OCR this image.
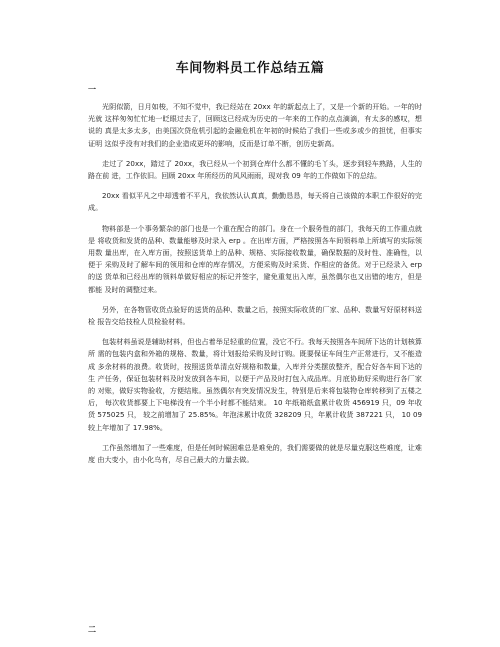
车间物料员工作总结五篇
一

光阴似箭，日月如梭，不知不觉中，我已经站在 20xx 年的新起点上了，又是一个新的开始。一年的时光就 这样匆匆忙忙地一眨眼过去了，回顾这已经成为历史的一年来的工作的点点滴滴，有太多的感叹，想说的 真是太多太多，由美国次贷危机引起的金融危机在年初的时候给了我们一些或多或少的担忧，但事实证明 这似乎没有对我们的企业造成更坏的影响，反而是订单不断，创历史新高。

走过了 20xx，踏过了 20xx，我已经从一个初到仓库什么都不懂的毛丫头，逐步到轻车熟路，人生的路在前 进，工作依旧。回顾 20xx 年所经历的风风雨雨，现对我 09 年的工作做如下的总结。

20xx 看似平凡之中却透着不平凡，我依然认认真真，勤勤恳恳，每天将自己该做的本职工作很好的完成。

物料部是一个事务繁杂的部门也是一个重在配合的部门。身在一个服务性的部门，我每天的工作重点就是 将收货和发货的品种、数量能够及时录入 erp 。在出库方面，严格按照各车间领料单上所填写的实际领用数 量出库，在入库方面，按照送货单上的品种、规格、实际接收数量，确保数据的及时性、准确性，以便于 采购及时了解车间的领用和仓库的库存情况，方便采购及时采货、作相应的备货。对于已经录入 erp 的送 货单和已经出库的领料单做好相应的标记并签字，避免重复出入库，虽然偶尔也又出错的地方，但是都能 及时的调整过来。

另外，在各物管收货点验好的送货的品种、数量之后，按照实际收货的厂家、品种、数量写好原材料送检 报告交给技检人员检验材料。

包装材料虽说是辅助材料，但也占着举足轻重的位置，没它不行。我每天按照各车间所下达的计划核算所 需的包装内盒和外箱的规格、数量，将计划报给采购及时订购。既要保证车间生产正常进行，又不能造成 多余材料的浪费。收货时，按照送货单清点好规格和数量，入库并分类摆放整齐，配合好各车间下达的生 产任务，保证包装材料及时发放到各车间，以便于产品及时打包入成品库。月底协助好采购进行各厂家的 对账，做好实物验收，方便结账。虽然偶尔有突发情况发生，特别是后来将包装物仓库转移到了五楼之后， 每次收货都要上下电梯没有一个半小时都不能结束。 10 年纸箱纸盒累计收货 456919 只，09 年收货 575025 只， 较之前增加了 25.85%。年泡沫累计收货 328209 只，年累计收货 387221 只， 10 09 较上年增加了 17.98%。

工作虽然增加了一些难度，但是任何时候困难总是难免的，我们需要做的就是尽量克服这些难度，让难度 由大变小，由小化乌有，尽自己最大的力量去做。

二
